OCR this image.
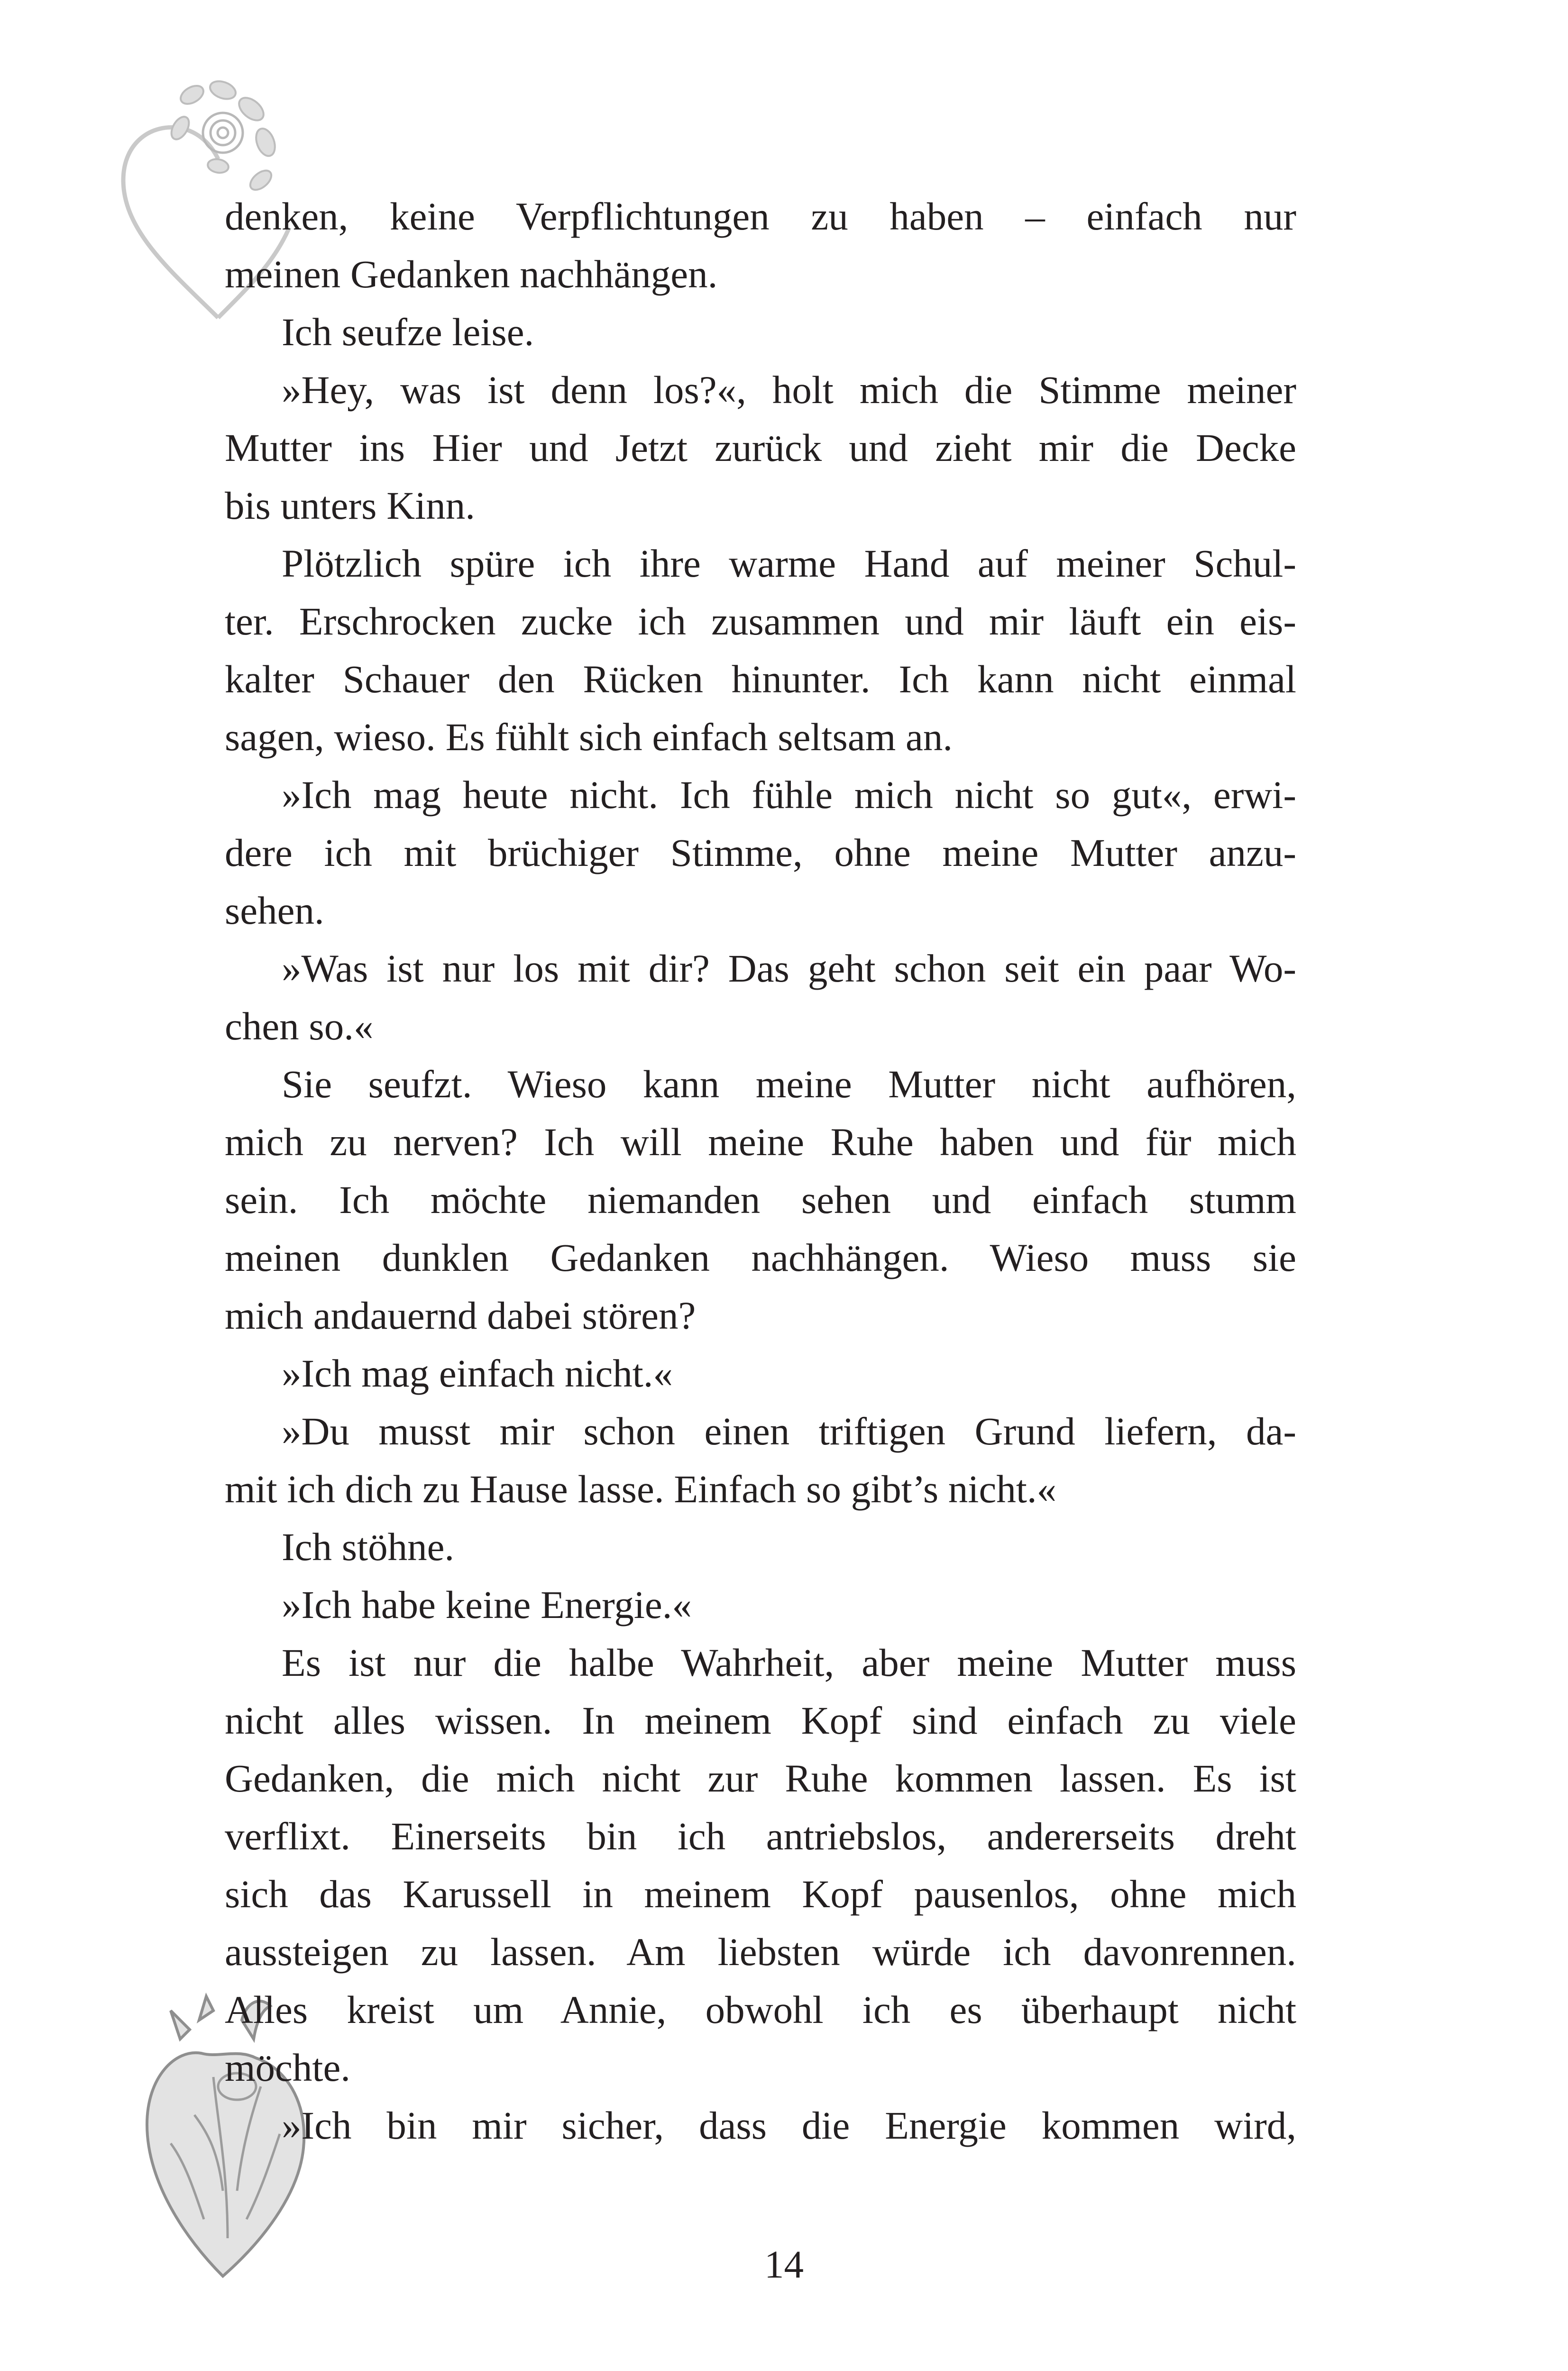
denken, keine Verpflichtungen zu haben – einfach nur
meinen Gedanken nachhängen.
Ich seufze leise.
»Hey, was ist denn los?«, holt mich die Stimme meiner
Mutter ins Hier und Jetzt zurück und zieht mir die Decke
bis unters Kinn.
Plötzlich spüre ich ihre warme Hand auf meiner Schul-
ter. Erschrocken zucke ich zusammen und mir läuft ein eis-
kalter Schauer den Rücken hinunter. Ich kann nicht einmal
sagen, wieso. Es fühlt sich einfach seltsam an.
»Ich mag heute nicht. Ich fühle mich nicht so gut«, erwi-
dere ich mit brüchiger Stimme, ohne meine Mutter anzu-
sehen.
»Was ist nur los mit dir? Das geht schon seit ein paar Wo-
chen so.«
Sie seufzt. Wieso kann meine Mutter nicht aufhören,
mich zu nerven? Ich will meine Ruhe haben und für mich
sein. Ich möchte niemanden sehen und einfach stumm
meinen dunklen Gedanken nachhängen. Wieso muss sie
mich andauernd dabei stören?
»Ich mag einfach nicht.«
»Du musst mir schon einen triftigen Grund liefern, da-
mit ich dich zu Hause lasse. Einfach so gibt’s nicht.«
Ich stöhne.
»Ich habe keine Energie.«
Es ist nur die halbe Wahrheit, aber meine Mutter muss
nicht alles wissen. In meinem Kopf sind einfach zu viele
Gedanken, die mich nicht zur Ruhe kommen lassen. Es ist
verflixt. Einerseits bin ich antriebslos, andererseits dreht
sich das Karussell in meinem Kopf pausenlos, ohne mich
aussteigen zu lassen. Am liebsten würde ich davonrennen.
Alles kreist um Annie, obwohl ich es überhaupt nicht
möchte.
»Ich bin mir sicher, dass die Energie kommen wird,
14
